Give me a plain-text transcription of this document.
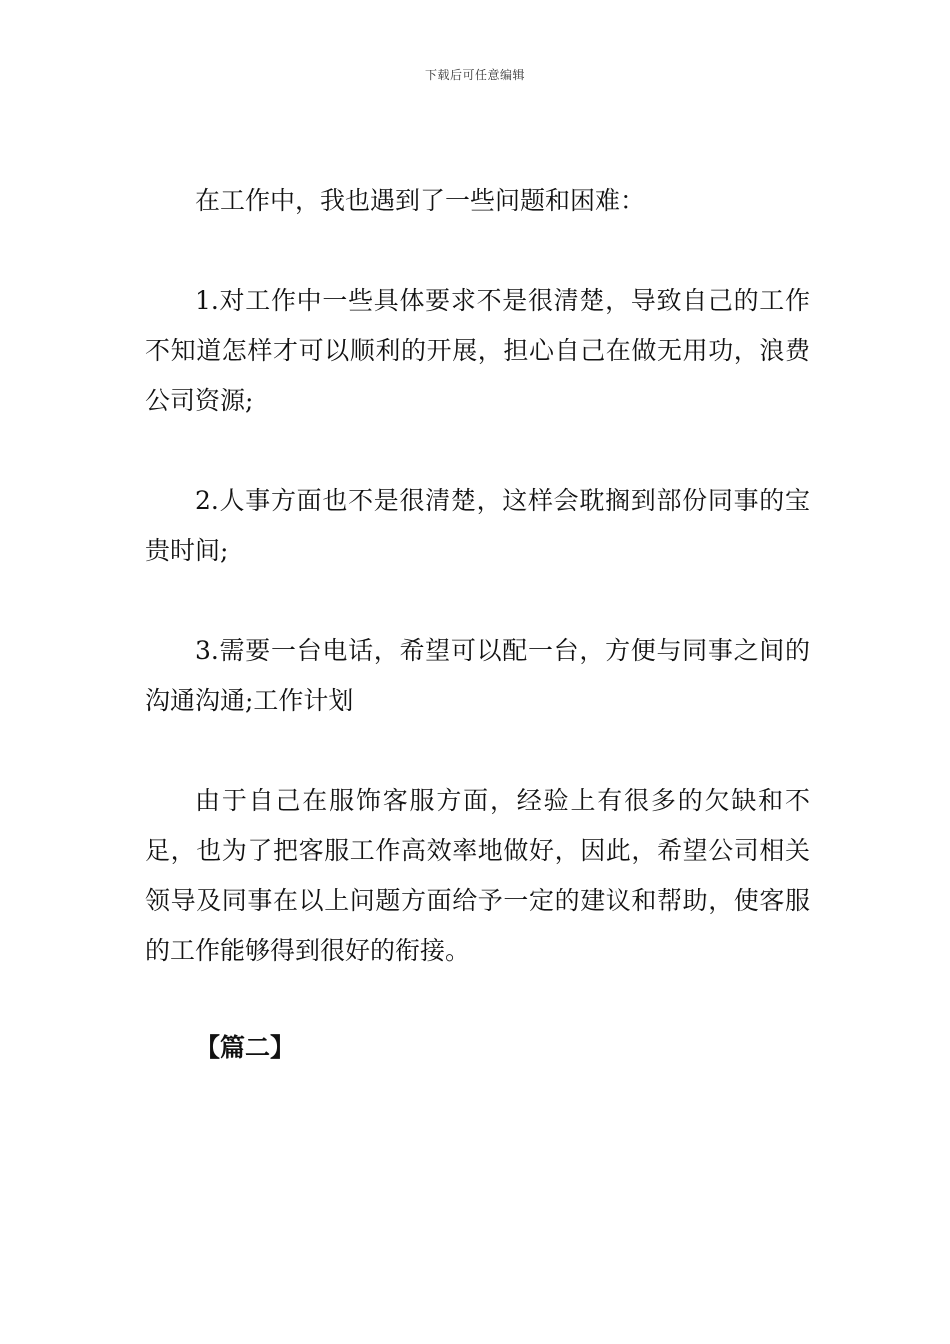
下载后可任意编辑

在工作中，我也遇到了一些问题和困难：

1.对工作中一些具体要求不是很清楚，导致自己的工作不知道怎样才可以顺利的开展，担心自己在做无用功，浪费公司资源;

2.人事方面也不是很清楚，这样会耽搁到部份同事的宝贵时间;

3.需要一台电话，希望可以配一台，方便与同事之间的沟通沟通;工作计划

由于自己在服饰客服方面，经验上有很多的欠缺和不足，也为了把客服工作高效率地做好，因此，希望公司相关领导及同事在以上问题方面给予一定的建议和帮助，使客服的工作能够得到很好的衔接。

【篇二】
